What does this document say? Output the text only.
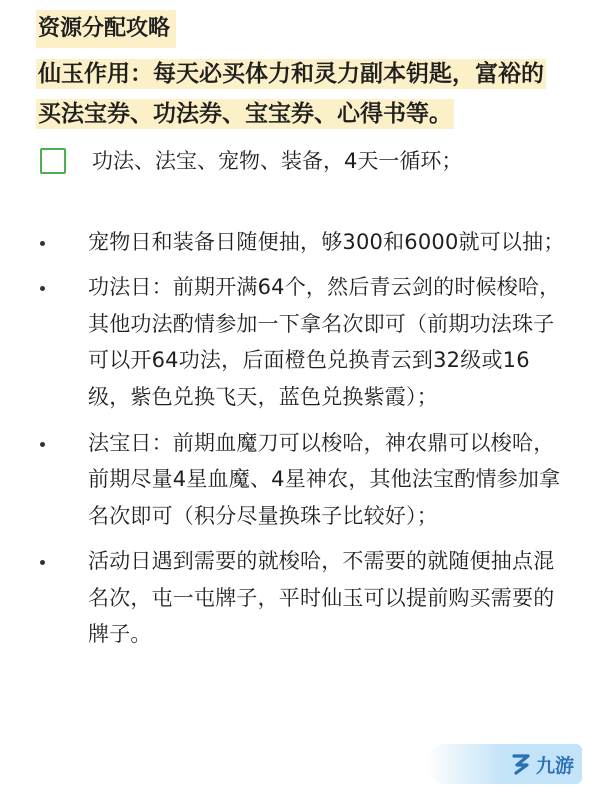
资源分配攻略
仙玉作用：每天必买体力和灵力副本钥匙，富裕的买法宝券、功法券、宝宝券、心得书等。
功法、法宝、宠物、装备，4天一循环；
宠物日和装备日随便抽，够300和6000就可以抽；
功法日：前期开满64个，然后青云剑的时候梭哈，其他功法酌情参加一下拿名次即可（前期功法珠子可以开64功法，后面橙色兑换青云到32级或16级，紫色兑换飞天，蓝色兑换紫霞）；
法宝日：前期血魔刀可以梭哈，神农鼎可以梭哈，前期尽量4星血魔、4星神农，其他法宝酌情参加拿名次即可（积分尽量换珠子比较好）；
活动日遇到需要的就梭哈，不需要的就随便抽点混名次，屯一屯牌子，平时仙玉可以提前购买需要的牌子。
九游
